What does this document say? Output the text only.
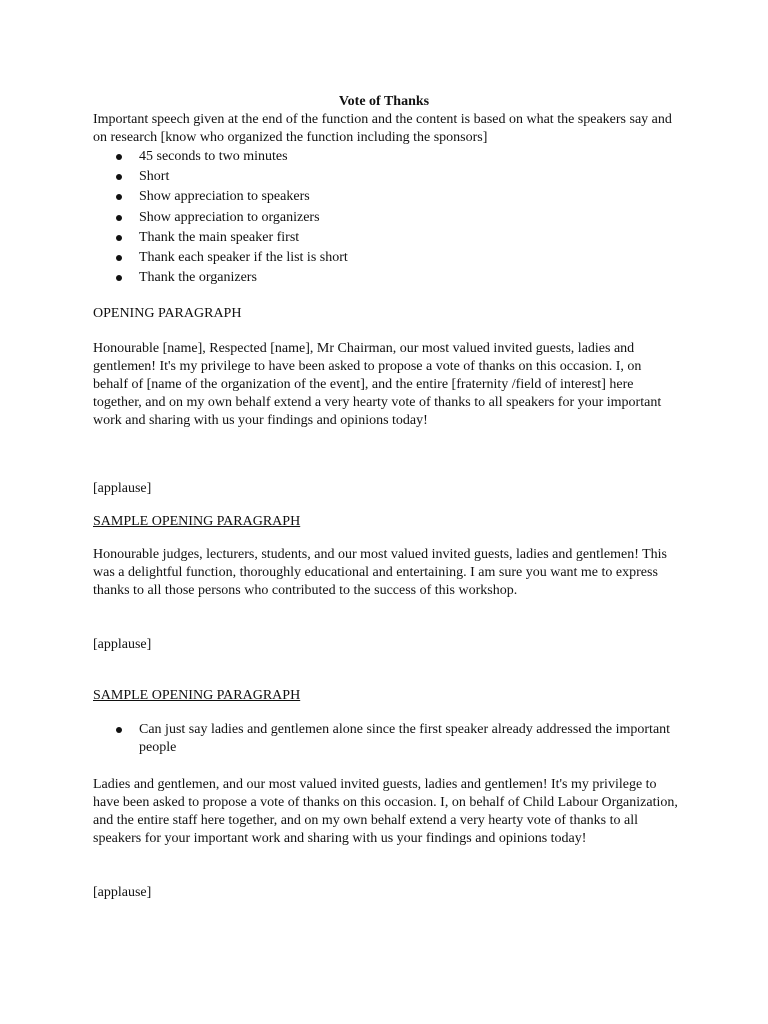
Vote of Thanks
Important speech given at the end of the function and the content is based on what the speakers say and on research [know who organized the function including the sponsors]
45 seconds to two minutes
Short
Show appreciation to speakers
Show appreciation to organizers
Thank the main speaker first
Thank each speaker if the list is short
Thank the organizers
OPENING PARAGRAPH
Honourable [name], Respected [name], Mr Chairman, our most valued invited guests, ladies and gentlemen! It's my privilege to have been asked to propose a vote of thanks on this occasion. I, on behalf of [name of the organization of the event], and the entire [fraternity /field of interest] here together, and on my own behalf extend a very hearty vote of thanks to all speakers for your important work and sharing with us your findings and opinions today!
[applause]
SAMPLE OPENING PARAGRAPH
Honourable judges, lecturers, students, and our most valued invited guests, ladies and gentlemen! This was a delightful function, thoroughly educational and entertaining. I am sure you want me to express thanks to all those persons who contributed to the success of this workshop.
[applause]
SAMPLE OPENING PARAGRAPH
Can just say ladies and gentlemen alone since the first speaker already addressed the important people
Ladies and gentlemen, and our most valued invited guests, ladies and gentlemen! It's my privilege to have been asked to propose a vote of thanks on this occasion. I, on behalf of Child Labour Organization, and the entire staff here together, and on my own behalf extend a very hearty vote of thanks to all speakers for your important work and sharing with us your findings and opinions today!
[applause]
